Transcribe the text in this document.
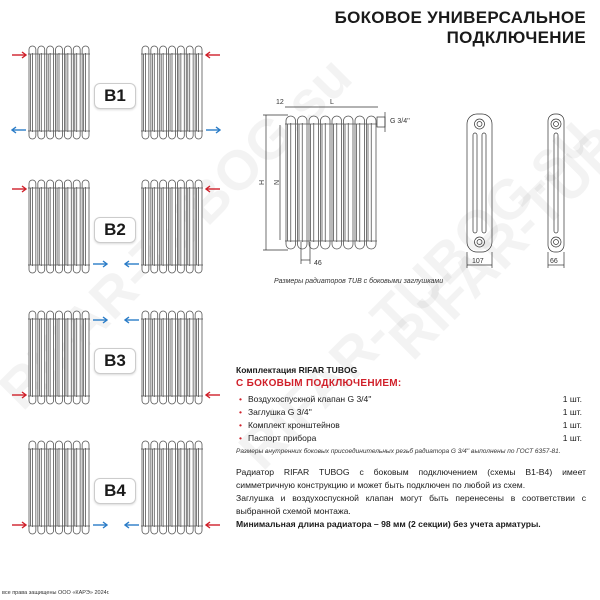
БОКОВОЕ УНИВЕРСАЛЬНОЕ
ПОДКЛЮЧЕНИЕ
B1
B2
B3
B4
H N
12	L
46
G 3/4''
107	66
Размеры радиаторов TUB с боковыми заглушками
Комплектация RIFAR TUBOG
С БОКОВЫМ ПОДКЛЮЧЕНИЕМ:
• Воздухоспускной клапан G 3/4''	1 шт.
• Заглушка G 3/4''	1 шт.
• Комплект кронштейнов	1 шт.
• Паспорт прибора	1 шт.
Размеры внутренних боковых присоединительных резьб радиатора G 3/4'' выполнены по ГОСТ 6357-81.

Радиатор RIFAR TUBOG с боковым подключением (схемы В1-В4) имеет симметричную конструкцию и может быть подключен по любой из схем.

Заглушка и воздухоспускной клапан могут быть перенесены в соответствии с выбранной схемой монтажа.

Минимальная длина радиатора – 98 мм (2 секции) без учета арматуры.

все права защищены ООО «КАРЭ» 2024г.
